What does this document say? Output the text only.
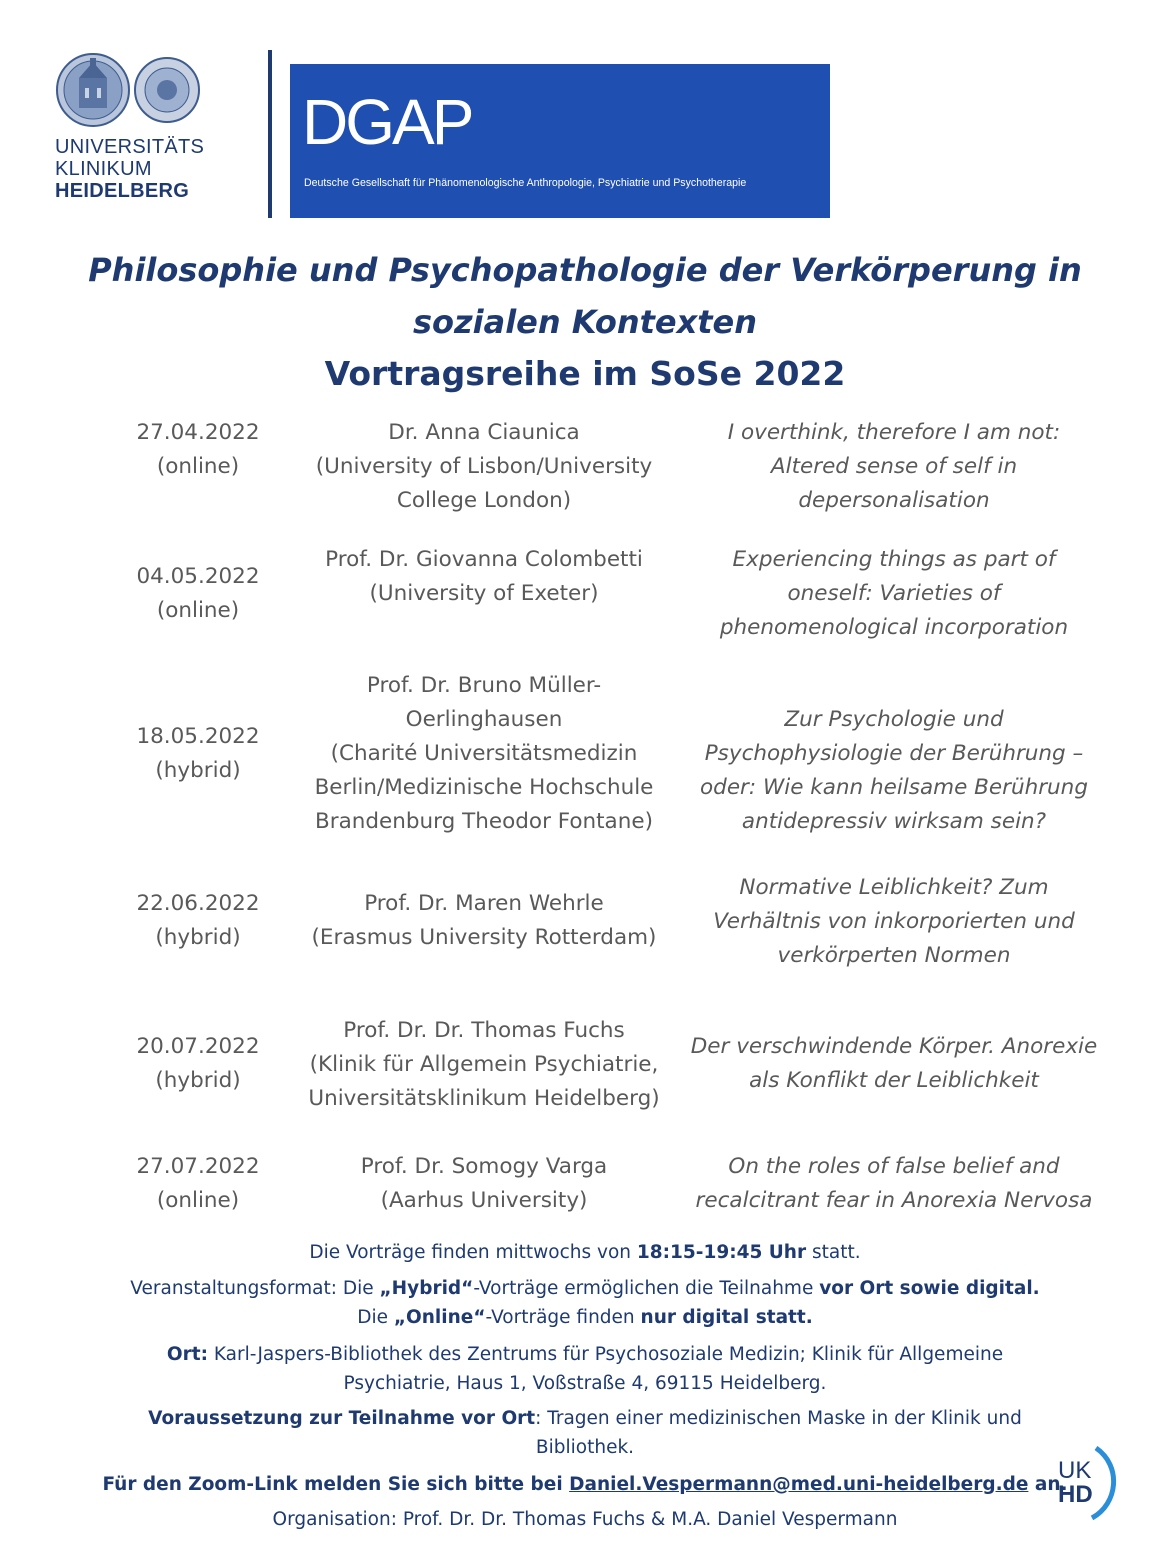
UNIVERSITÄTS
KLINIKUM
HEIDELBERG
DGAP
Deutsche Gesellschaft für Phänomenologische Anthropologie, Psychiatrie und Psychotherapie
Philosophie und Psychopathologie der Verkörperung in
sozialen Kontexten
Vortragsreihe im SoSe 2022
27.04.2022
(online)
Dr. Anna Ciaunica
(University of Lisbon/University
College London)
I overthink, therefore I am not:
Altered sense of self in
depersonalisation
04.05.2022
(online)
Prof. Dr. Giovanna Colombetti
(University of Exeter)
Experiencing things as part of
oneself: Varieties of
phenomenological incorporation
18.05.2022
(hybrid)
Prof. Dr. Bruno Müller-
Oerlinghausen
(Charité Universitätsmedizin
Berlin/Medizinische Hochschule
Brandenburg Theodor Fontane)
Zur Psychologie und
Psychophysiologie der Berührung –
oder: Wie kann heilsame Berührung
antidepressiv wirksam sein?
22.06.2022
(hybrid)
Prof. Dr. Maren Wehrle
(Erasmus University Rotterdam)
Normative Leiblichkeit? Zum
Verhältnis von inkorporierten und
verkörperten Normen
20.07.2022
(hybrid)
Prof. Dr. Dr. Thomas Fuchs
(Klinik für Allgemein Psychiatrie,
Universitätsklinikum Heidelberg)
Der verschwindende Körper. Anorexie
als Konflikt der Leiblichkeit
27.07.2022
(online)
Prof. Dr. Somogy Varga
(Aarhus University)
On the roles of false belief and
recalcitrant fear in Anorexia Nervosa
Die Vorträge finden mittwochs von 18:15-19:45 Uhr statt.
Veranstaltungsformat: Die „Hybrid“-Vorträge ermöglichen die Teilnahme vor Ort sowie digital.
Die „Online“-Vorträge finden nur digital statt.
Ort: Karl-Jaspers-Bibliothek des Zentrums für Psychosoziale Medizin; Klinik für Allgemeine
Psychiatrie, Haus 1, Voßstraße 4, 69115 Heidelberg.
Voraussetzung zur Teilnahme vor Ort: Tragen einer medizinischen Maske in der Klinik und
Bibliothek.
Für den Zoom-Link melden Sie sich bitte bei Daniel.Vespermann@med.uni-heidelberg.de an.
Organisation: Prof. Dr. Dr. Thomas Fuchs & M.A. Daniel Vespermann
UK
HD
